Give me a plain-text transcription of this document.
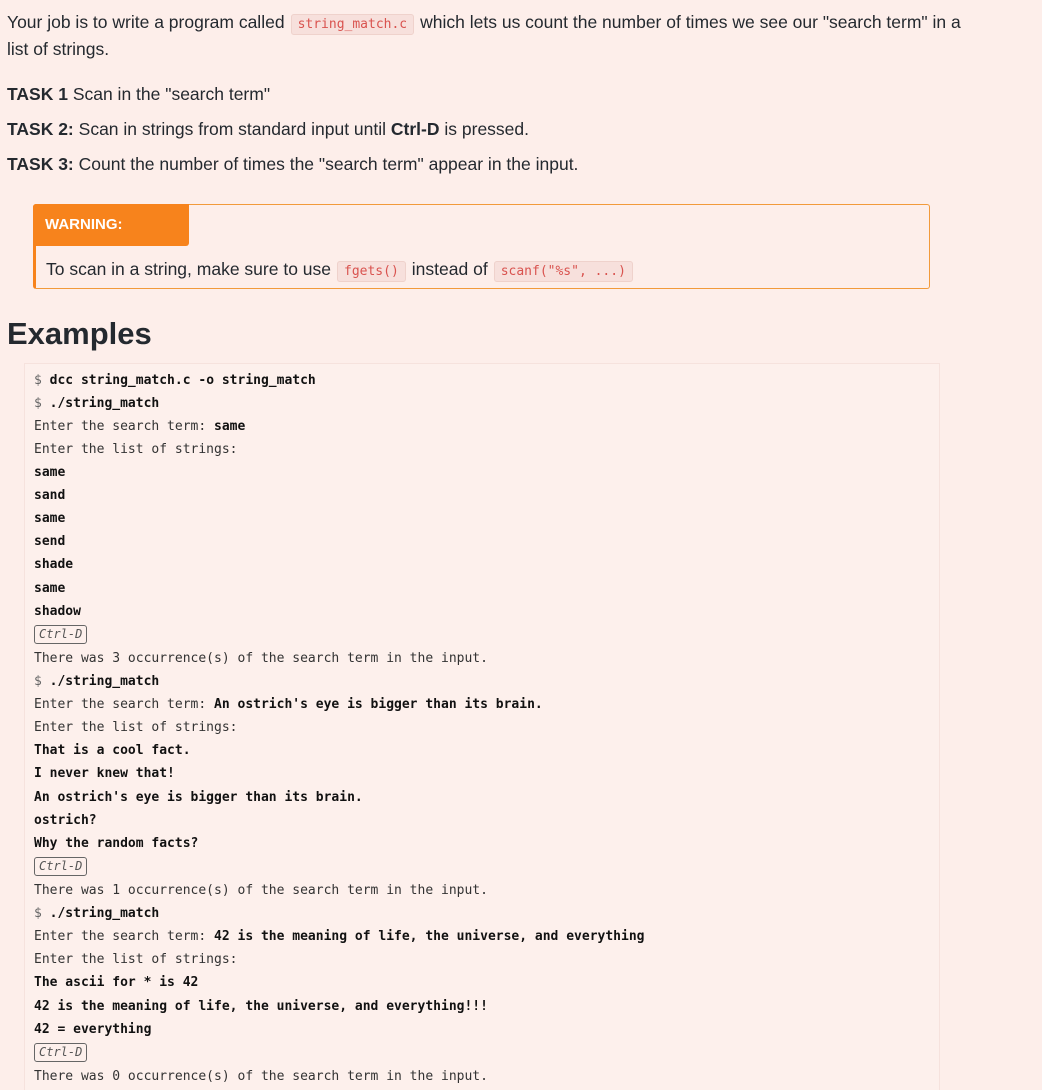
Your job is to write a program called string_match.c which lets us count the number of times we see our "search term" in a list of strings.

TASK 1 Scan in the "search term"

TASK 2: Scan in strings from standard input until Ctrl-D is pressed.

TASK 3: Count the number of times the "search term" appear in the input.

WARNING:
To scan in a string, make sure to use fgets() instead of scanf("%s", ...)
Examples
$ dcc string_match.c -o string_match
$ ./string_match
Enter the search term: same
Enter the list of strings:
same
sand
same
send
shade
same
shadow
Ctrl-D
There was 3 occurrence(s) of the search term in the input.
$ ./string_match
Enter the search term: An ostrich's eye is bigger than its brain.
Enter the list of strings:
That is a cool fact.
I never knew that!
An ostrich's eye is bigger than its brain.
ostrich?
Why the random facts?
Ctrl-D
There was 1 occurrence(s) of the search term in the input.
$ ./string_match
Enter the search term: 42 is the meaning of life, the universe, and everything
Enter the list of strings:
The ascii for * is 42
42 is the meaning of life, the universe, and everything!!!
42 = everything
Ctrl-D
There was 0 occurrence(s) of the search term in the input.
